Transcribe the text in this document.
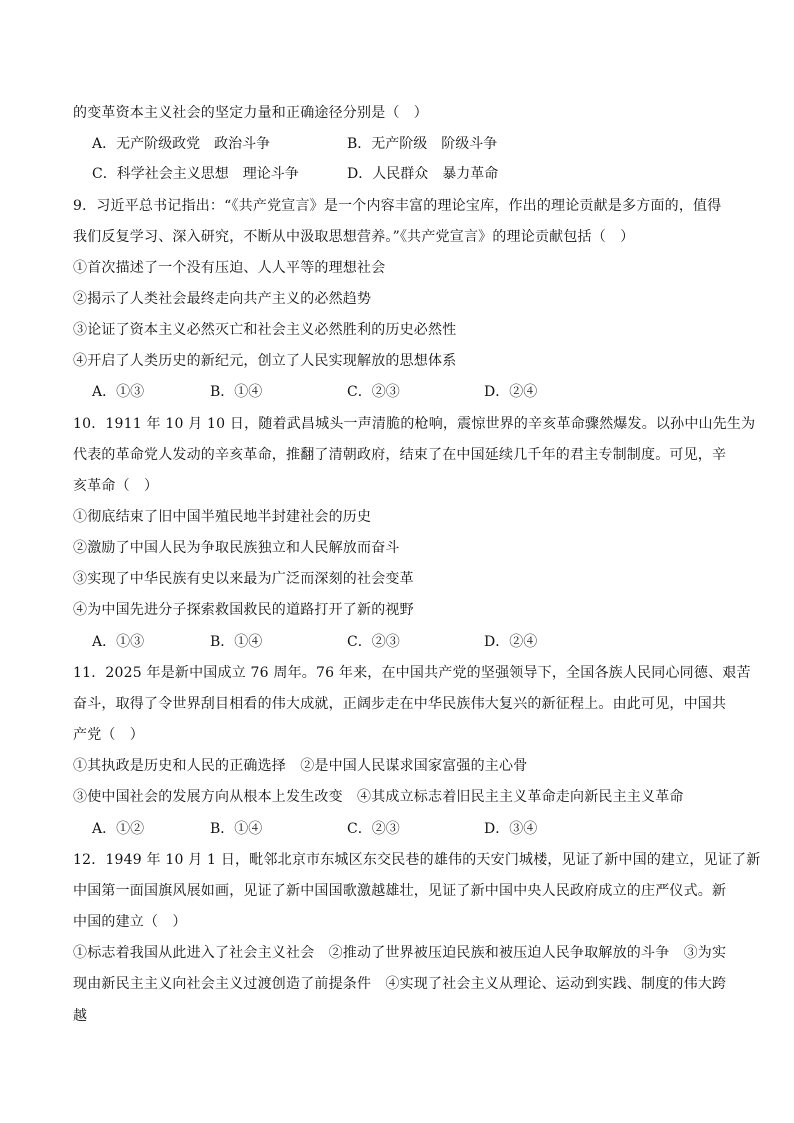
的变革资本主义社会的坚定力量和正确途径分别是（　）
A．无产阶级政党　政治斗争	B．无产阶级　阶级斗争
C．科学社会主义思想　理论斗争	D．人民群众　暴力革命
9．习近平总书记指出：“《共产党宣言》是一个内容丰富的理论宝库，作出的理论贡献是多方面的，值得
我们反复学习、深入研究，不断从中汲取思想营养。”《共产党宣言》的理论贡献包括（　）
①首次描述了一个没有压迫、人人平等的理想社会
②揭示了人类社会最终走向共产主义的必然趋势
③论证了资本主义必然灭亡和社会主义必然胜利的历史必然性
④开启了人类历史的新纪元，创立了人民实现解放的思想体系
A．①③	B．①④	C．②③	D．②④
10．1911 年 10 月 10 日，随着武昌城头一声清脆的枪响，震惊世界的辛亥革命骤然爆发。以孙中山先生为
代表的革命党人发动的辛亥革命，推翻了清朝政府，结束了在中国延续几千年的君主专制制度。可见，辛
亥革命（　）
①彻底结束了旧中国半殖民地半封建社会的历史
②激励了中国人民为争取民族独立和人民解放而奋斗
③实现了中华民族有史以来最为广泛而深刻的社会变革
④为中国先进分子探索救国救民的道路打开了新的视野
A．①③	B．①④	C．②③	D．②④
11．2025 年是新中国成立 76 周年。76 年来，在中国共产党的坚强领导下，全国各族人民同心同德、艰苦
奋斗，取得了令世界刮目相看的伟大成就，正阔步走在中华民族伟大复兴的新征程上。由此可见，中国共
产党（　）
①其执政是历史和人民的正确选择　②是中国人民谋求国家富强的主心骨
③使中国社会的发展方向从根本上发生改变　④其成立标志着旧民主主义革命走向新民主主义革命
A．①②	B．①④	C．②③	D．③④
12．1949 年 10 月 1 日，毗邻北京市东城区东交民巷的雄伟的天安门城楼，见证了新中国的建立，见证了新
中国第一面国旗风展如画，见证了新中国国歌激越雄壮，见证了新中国中央人民政府成立的庄严仪式。新
中国的建立（　）
①标志着我国从此进入了社会主义社会　②推动了世界被压迫民族和被压迫人民争取解放的斗争　③为实
现由新民主主义向社会主义过渡创造了前提条件　④实现了社会主义从理论、运动到实践、制度的伟大跨
越
